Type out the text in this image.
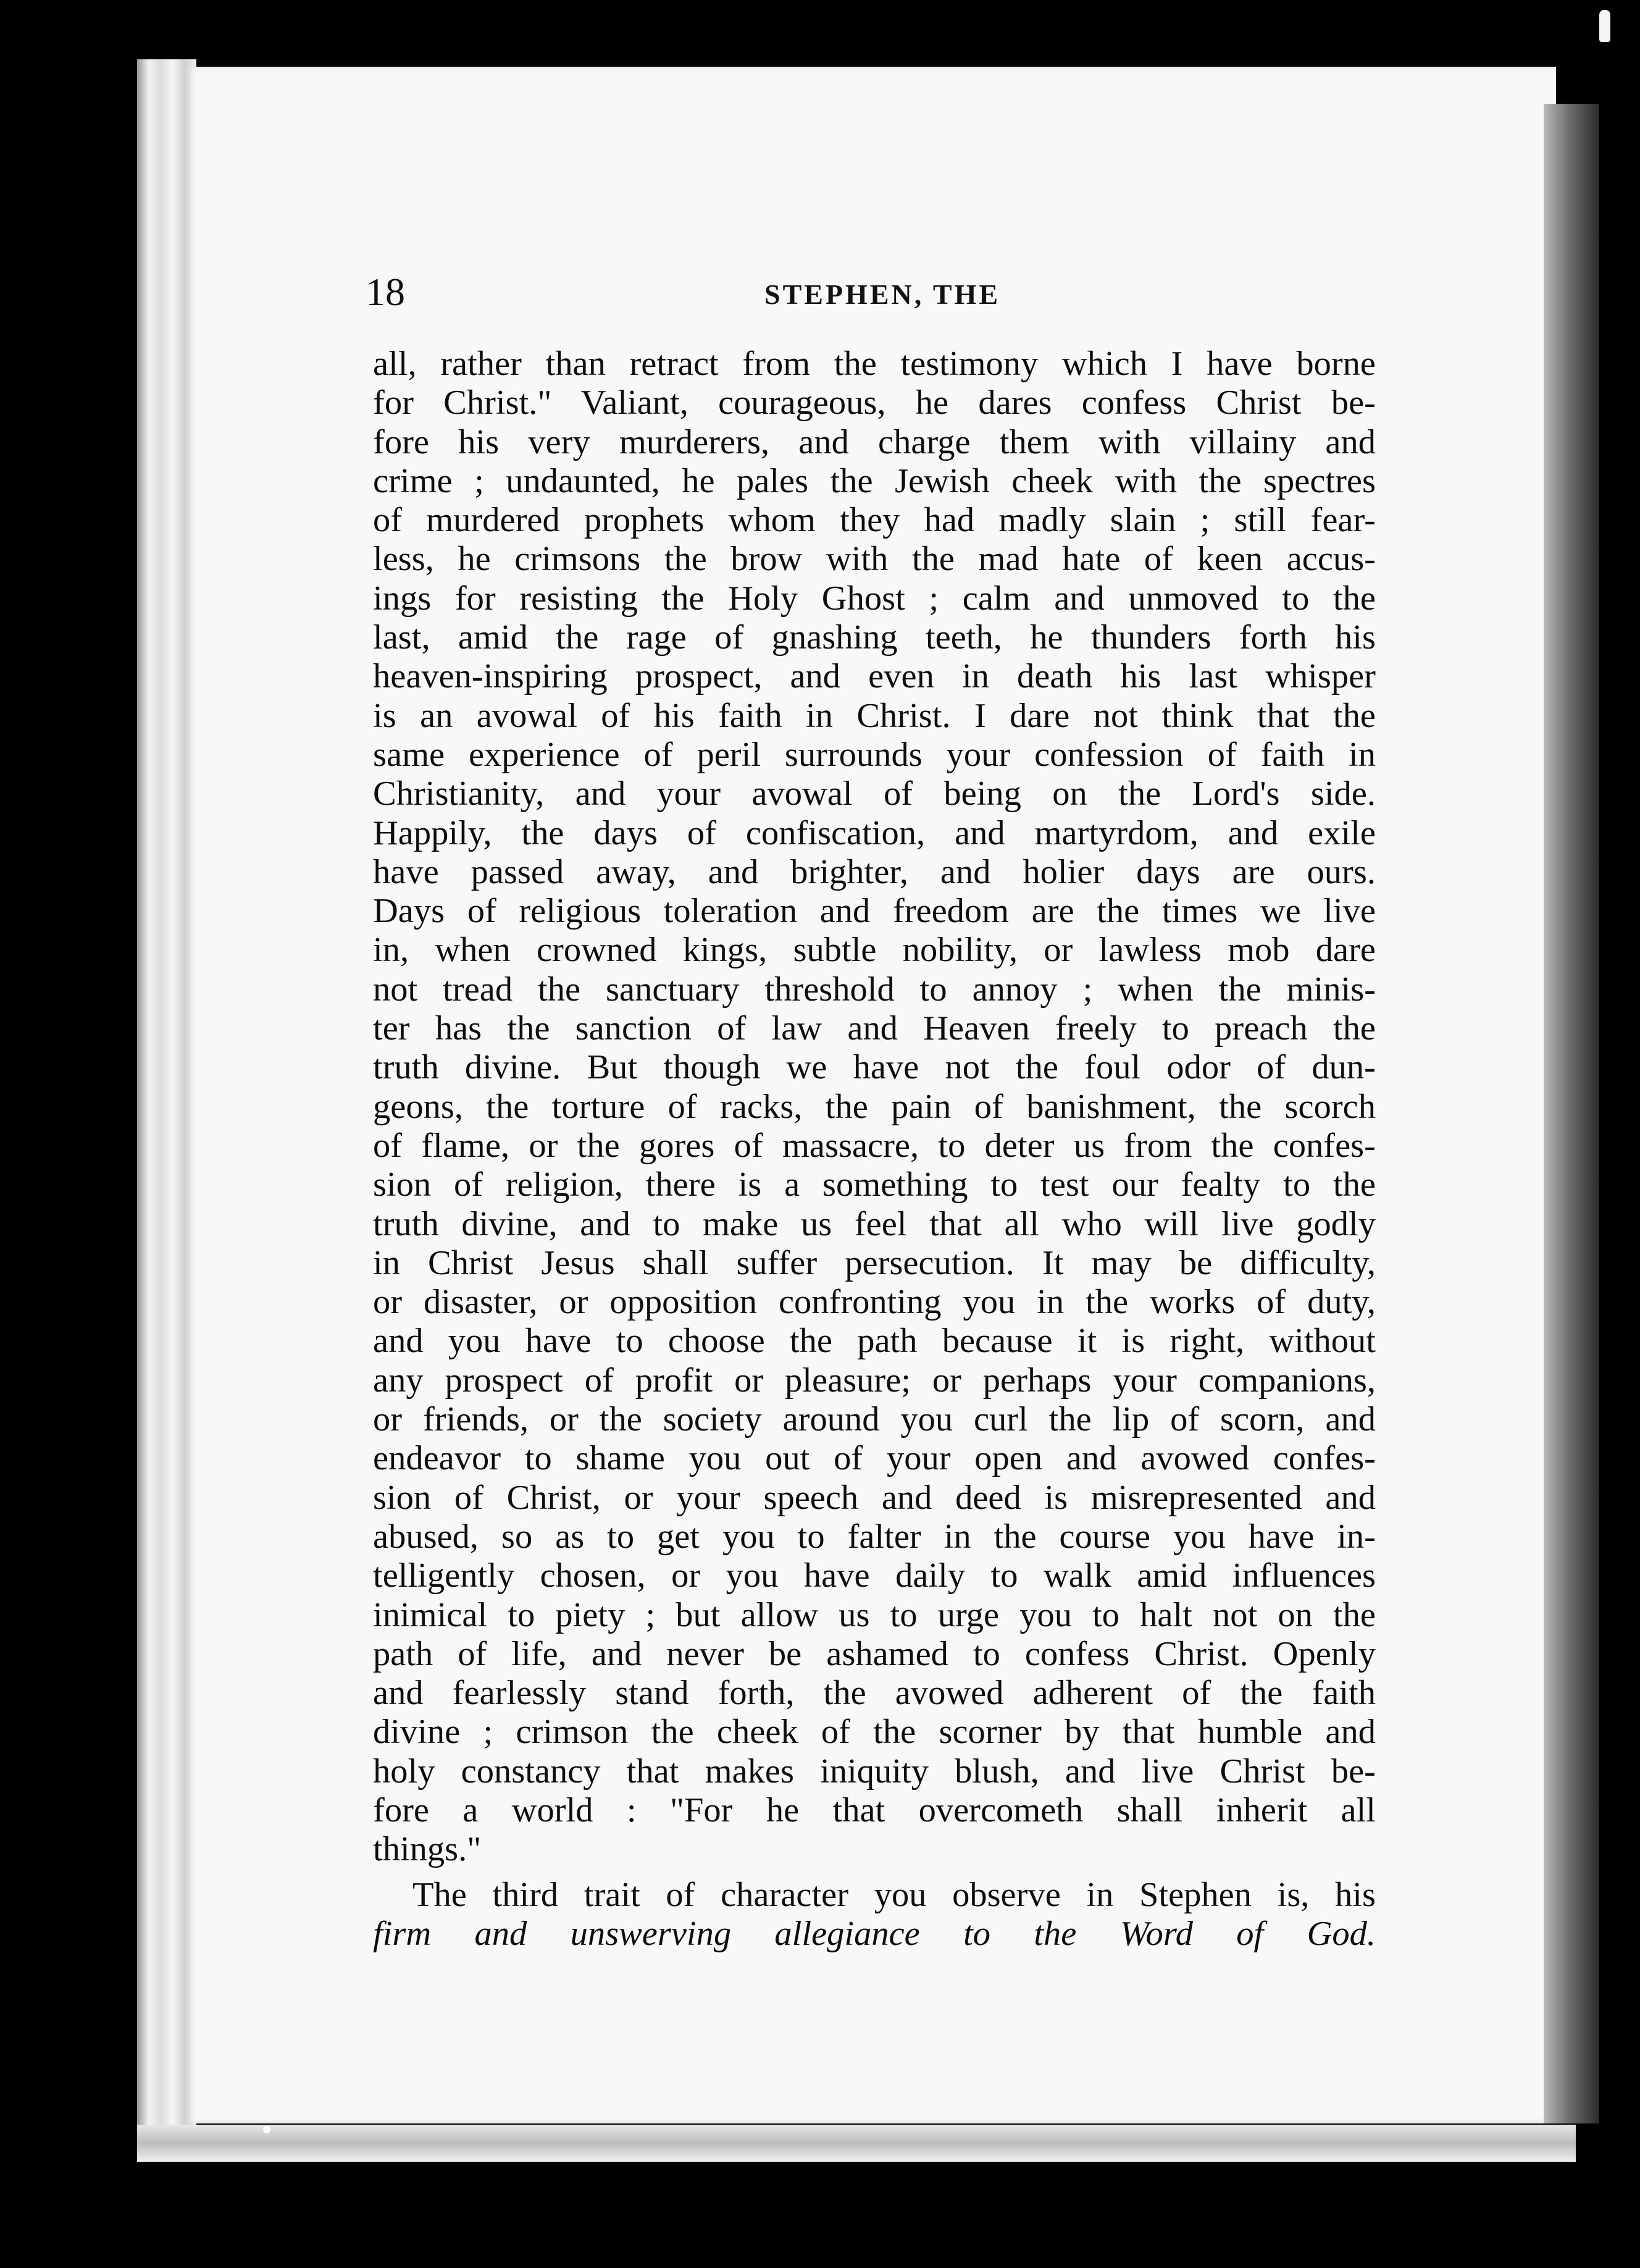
18	STEPHEN, THE
all, rather than retract from the testimony which I have borne
for Christ." Valiant, courageous, he dares confess Christ be-
fore his very murderers, and charge them with villainy and
crime ; undaunted, he pales the Jewish cheek with the spectres
of murdered prophets whom they had madly slain ; still fear-
less, he crimsons the brow with the mad hate of keen accus-
ings for resisting the Holy Ghost ; calm and unmoved to the
last, amid the rage of gnashing teeth, he thunders forth his
heaven-inspiring prospect, and even in death his last whisper
is an avowal of his faith in Christ. I dare not think that the
same experience of peril surrounds your confession of faith in
Christianity, and your avowal of being on the Lord's side.
Happily, the days of confiscation, and martyrdom, and exile
have passed away, and brighter, and holier days are ours.
Days of religious toleration and freedom are the times we live
in, when crowned kings, subtle nobility, or lawless mob dare
not tread the sanctuary threshold to annoy ; when the minis-
ter has the sanction of law and Heaven freely to preach the
truth divine. But though we have not the foul odor of dun-
geons, the torture of racks, the pain of banishment, the scorch
of flame, or the gores of massacre, to deter us from the confes-
sion of religion, there is a something to test our fealty to the
truth divine, and to make us feel that all who will live godly
in Christ Jesus shall suffer persecution. It may be difficulty,
or disaster, or opposition confronting you in the works of duty,
and you have to choose the path because it is right, without
any prospect of profit or pleasure; or perhaps your companions,
or friends, or the society around you curl the lip of scorn, and
endeavor to shame you out of your open and avowed confes-
sion of Christ, or your speech and deed is misrepresented and
abused, so as to get you to falter in the course you have in-
telligently chosen, or you have daily to walk amid influences
inimical to piety ; but allow us to urge you to halt not on the
path of life, and never be ashamed to confess Christ. Openly
and fearlessly stand forth, the avowed adherent of the faith
divine ; crimson the cheek of the scorner by that humble and
holy constancy that makes iniquity blush, and live Christ be-
fore a world : "For he that overcometh shall inherit all
things."
The third trait of character you observe in Stephen is, his
firm and unswerving allegiance to the Word of God.
